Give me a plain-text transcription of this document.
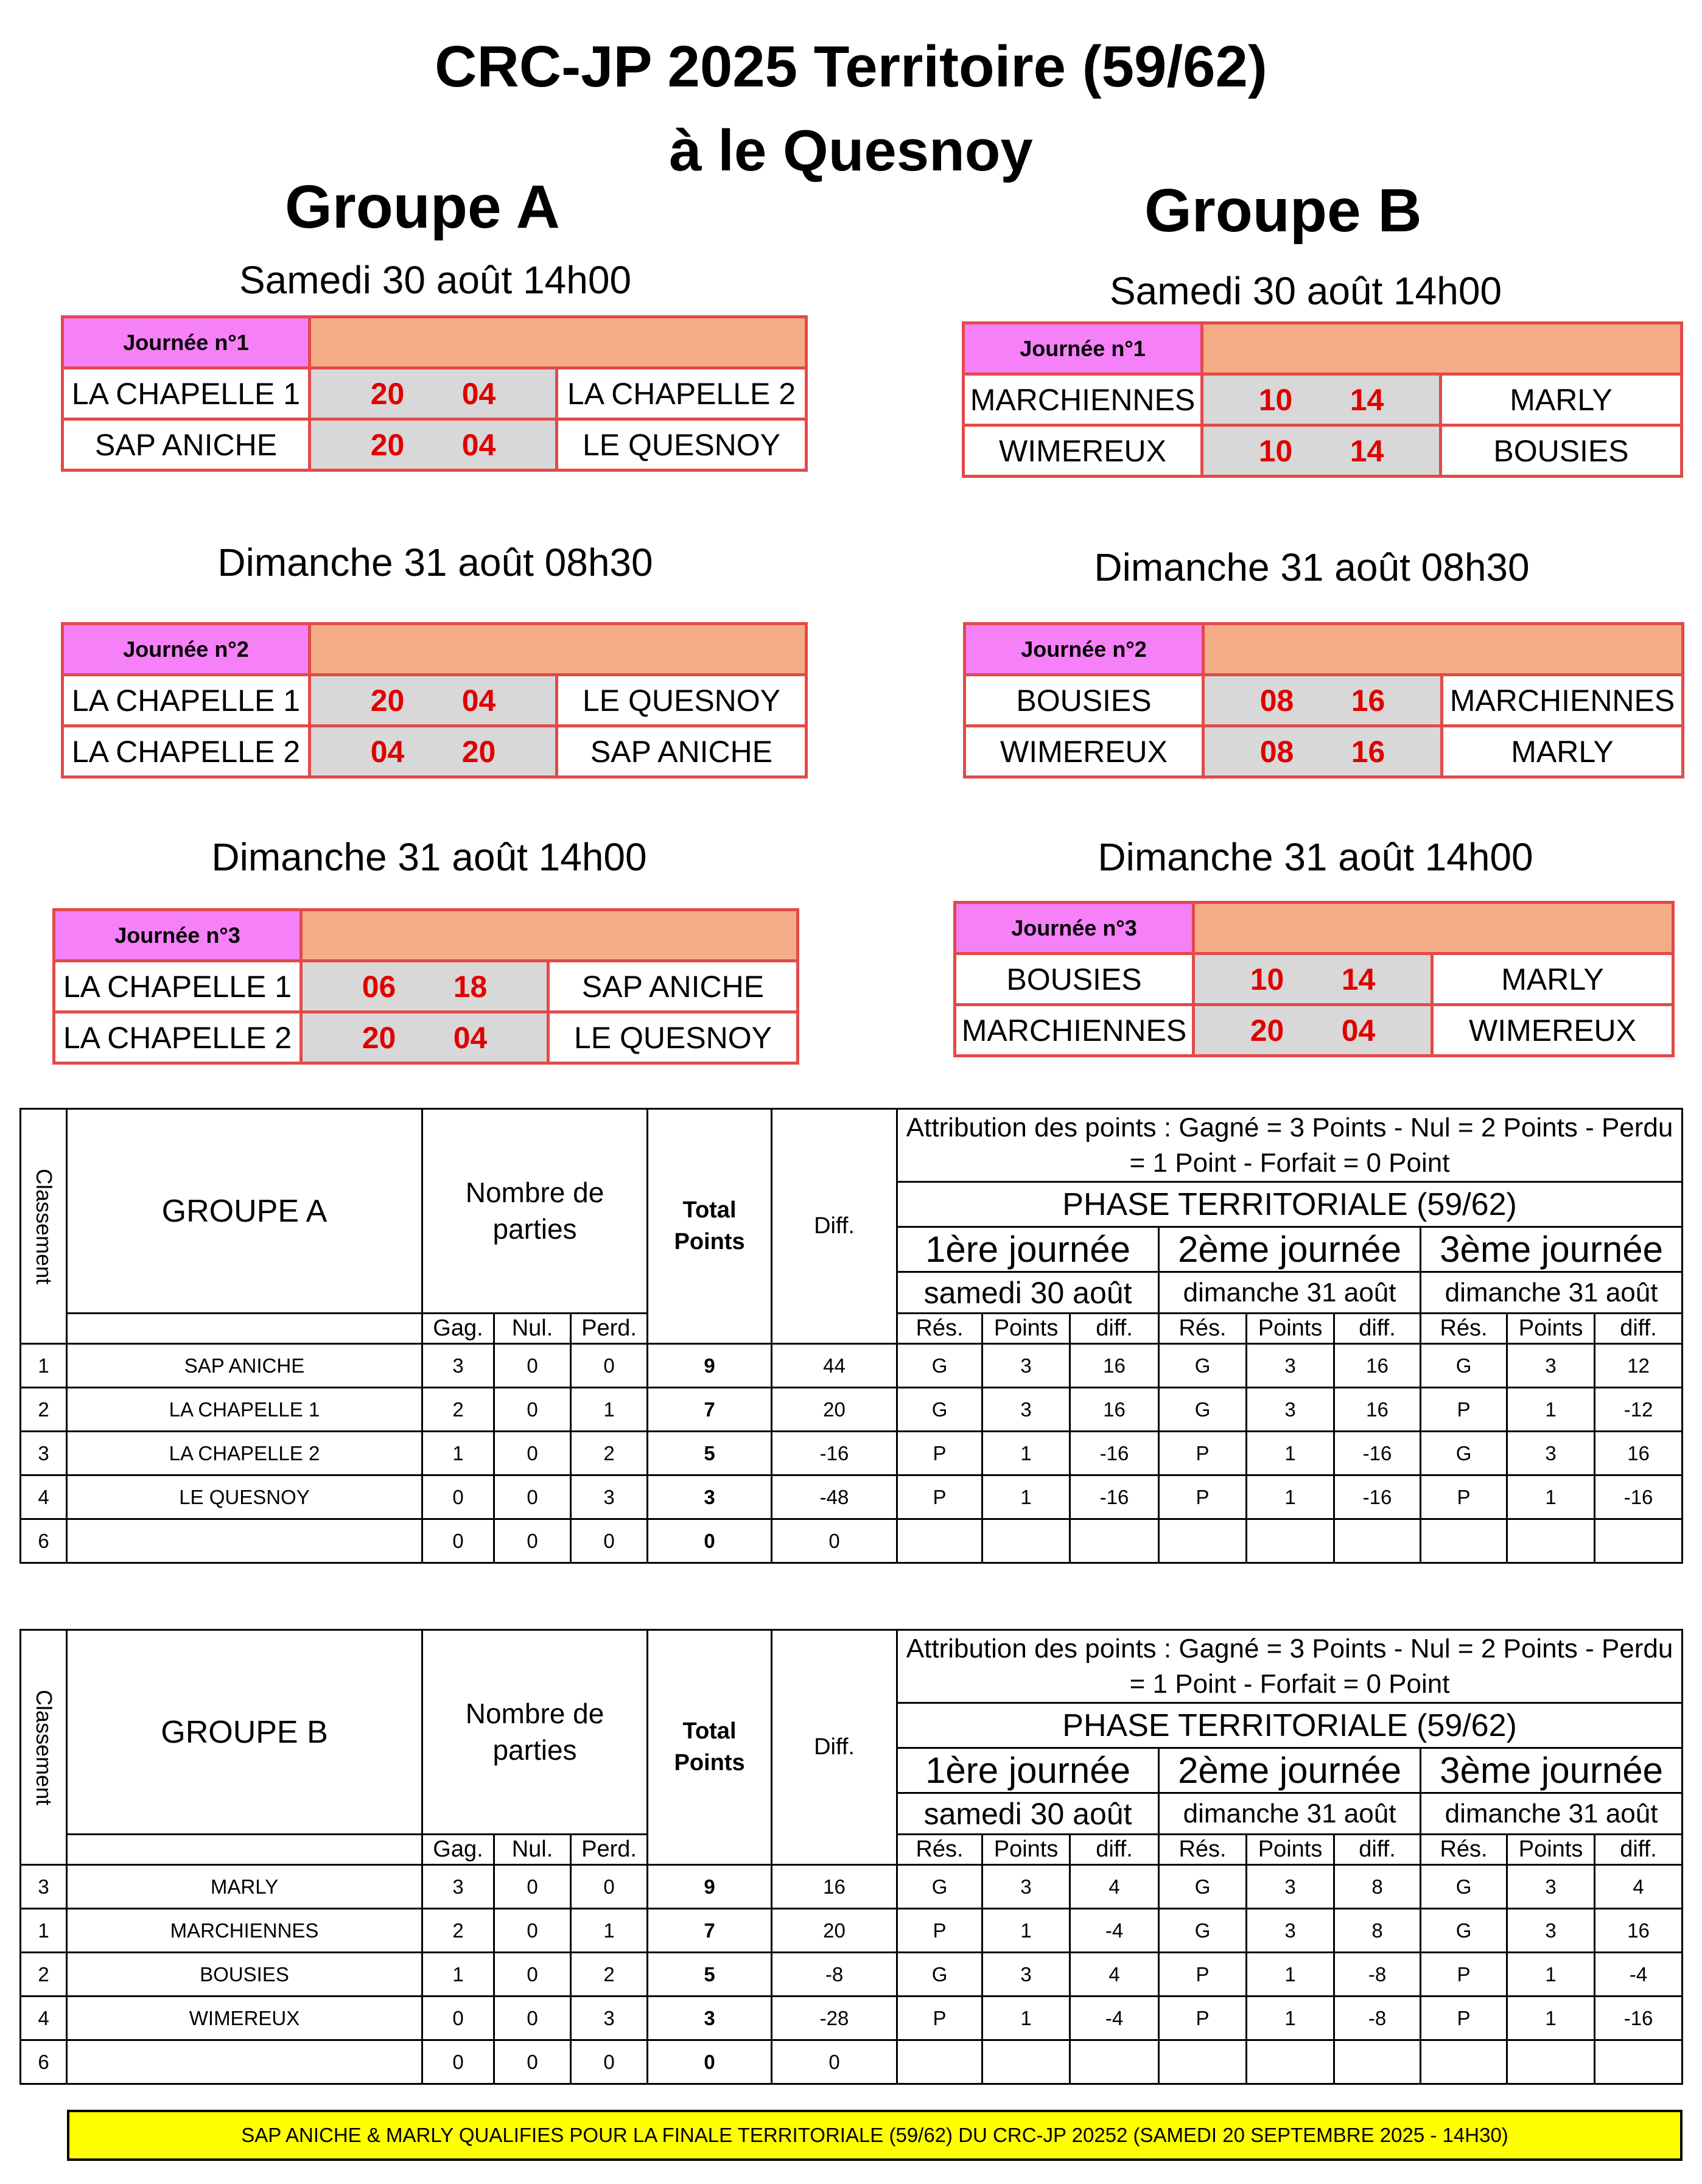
CRC-JP 2025 Territoire (59/62)
à le Quesnoy
Groupe A	Groupe B
Samedi 30 août 14h00
Dimanche 31 août 08h30
Dimanche 31 août 14h00
Samedi 30 août 14h00
Dimanche 31 août 08h30
Dimanche 31 août 14h00
Journée n°1		
LA CHAPELLE 1	20 04	LA CHAPELLE 2
SAP ANICHE	20 04	LE QUESNOY
Journée n°2		
LA CHAPELLE 1	20 04	LE QUESNOY
LA CHAPELLE 2	04 20	SAP ANICHE
Journée n°3		
LA CHAPELLE 1	06 18	SAP ANICHE
LA CHAPELLE 2	20 04	LE QUESNOY
Journée n°1		
MARCHIENNES	10 14	MARLY
WIMEREUX	10 14	BOUSIES
Journée n°2		
BOUSIES	08 16	MARCHIENNES
WIMEREUX	08 16	MARLY
Journée n°3		
BOUSIES	10 14	MARLY
MARCHIENNES	20 04	WIMEREUX
Classement	GROUPE A	Nombre de parties			Total Points	Diff.	Attribution des points : Gagné = 3 Points - Nul = 2 Points - Perdu = 1 Point - Forfait = 0 Point								
							PHASE TERRITORIALE (59/62)								
							1ère journée			2ème journée			3ème journée		
							samedi 30 août			dimanche 31 août			dimanche 31 août		
		Gag.	Nul.	Perd.			Rés.	Points	diff.	Rés.	Points	diff.	Rés.	Points	diff.
1	SAP ANICHE	3	0	0	9	44	G	3	16	G	3	16	G	3	12
2	LA CHAPELLE 1	2	0	1	7	20	G	3	16	G	3	16	P	1	-12
3	LA CHAPELLE 2	1	0	2	5	-16	P	1	-16	P	1	-16	G	3	16
4	LE QUESNOY	0	0	3	3	-48	P	1	-16	P	1	-16	P	1	-16
6		0	0	0	0	0									
Classement	GROUPE B	Nombre de parties			Total Points	Diff.	Attribution des points : Gagné = 3 Points - Nul = 2 Points - Perdu = 1 Point - Forfait = 0 Point								
							PHASE TERRITORIALE (59/62)								
							1ère journée			2ème journée			3ème journée		
							samedi 30 août			dimanche 31 août			dimanche 31 août		
		Gag.	Nul.	Perd.			Rés.	Points	diff.	Rés.	Points	diff.	Rés.	Points	diff.
3	MARLY	3	0	0	9	16	G	3	4	G	3	8	G	3	4
1	MARCHIENNES	2	0	1	7	20	P	1	-4	G	3	8	G	3	16
2	BOUSIES	1	0	2	5	-8	G	3	4	P	1	-8	P	1	-4
4	WIMEREUX	0	0	3	3	-28	P	1	-4	P	1	-8	P	1	-16
6		0	0	0	0	0									
SAP ANICHE & MARLY QUALIFIES POUR LA FINALE TERRITORIALE (59/62) DU CRC-JP 20252 (SAMEDI 20 SEPTEMBRE 2025 - 14H30)
